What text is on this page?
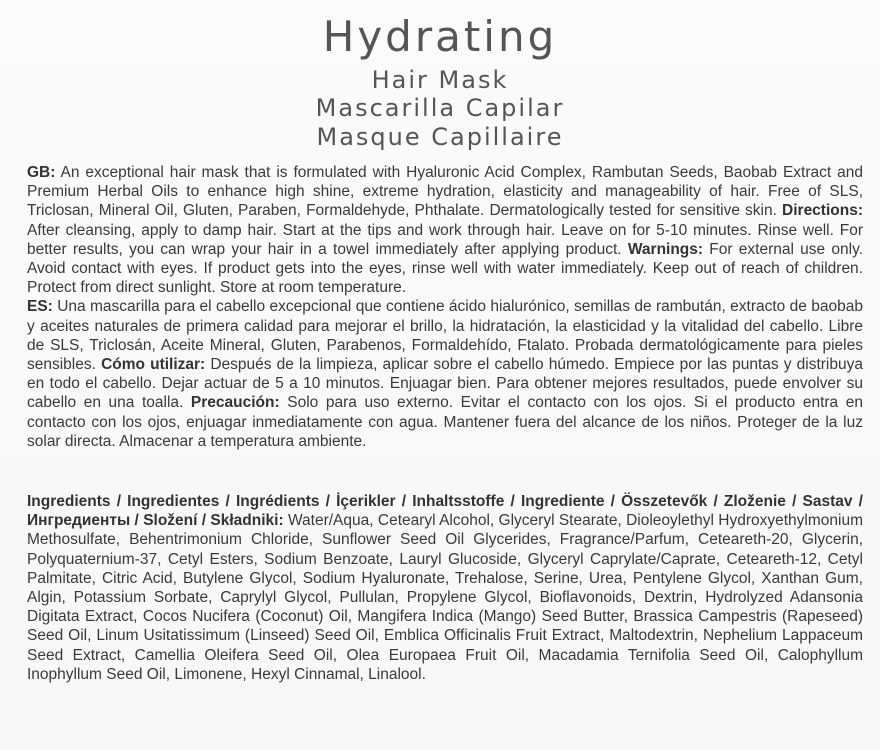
Hydrating
Hair Mask
Mascarilla Capilar
Masque Capillaire
GB: An exceptional hair mask that is formulated with Hyaluronic Acid Complex, Rambutan Seeds, Baobab Extract and Premium Herbal Oils to enhance high shine, extreme hydration, elasticity and manageability of hair. Free of SLS, Triclosan, Mineral Oil, Gluten, Paraben, Formaldehyde, Phthalate. Dermatologically tested for sensitive skin. Directions: After cleansing, apply to damp hair. Start at the tips and work through hair. Leave on for 5-10 minutes. Rinse well. For better results, you can wrap your hair in a towel immediately after applying product. Warnings: For external use only. Avoid contact with eyes. If product gets into the eyes, rinse well with water immediately. Keep out of reach of children. Protect from direct sunlight. Store at room temperature.
ES: Una mascarilla para el cabello excepcional que contiene ácido hialurónico, semillas de rambután, extracto de baobab y aceites naturales de primera calidad para mejorar el brillo, la hidratación, la elasticidad y la vitalidad del cabello. Libre de SLS, Triclosán, Aceite Mineral, Gluten, Parabenos, Formaldehído, Ftalato. Probada dermatológicamente para pieles sensibles. Cómo utilizar: Después de la limpieza, aplicar sobre el cabello húmedo. Empiece por las puntas y distribuya en todo el cabello. Dejar actuar de 5 a 10 minutos. Enjuagar bien. Para obtener mejores resultados, puede envolver su cabello en una toalla. Precaución: Solo para uso externo. Evitar el contacto con los ojos. Si el producto entra en contacto con los ojos, enjuagar inmediatamente con agua. Mantener fuera del alcance de los niños. Proteger de la luz solar directa. Almacenar a temperatura ambiente.
Ingredients / Ingredientes / Ingrédients / İçerikler / Inhaltsstoffe / Ingrediente / Összetevők / Zloženie / Sastav / Ингредиенты / Složení / Składniki: Water/Aqua, Cetearyl Alcohol, Glyceryl Stearate, Dioleoylethyl Hydroxyethylmonium Methosulfate, Behentrimonium Chloride, Sunflower Seed Oil Glycerides, Fragrance/Parfum, Ceteareth-20, Glycerin, Polyquaternium-37, Cetyl Esters, Sodium Benzoate, Lauryl Glucoside, Glyceryl Caprylate/Caprate, Ceteareth-12, Cetyl Palmitate, Citric Acid, Butylene Glycol, Sodium Hyaluronate, Trehalose, Serine, Urea, Pentylene Glycol, Xanthan Gum, Algin, Potassium Sorbate, Caprylyl Glycol, Pullulan, Propylene Glycol, Bioflavonoids, Dextrin, Hydrolyzed Adansonia Digitata Extract, Cocos Nucifera (Coconut) Oil, Mangifera Indica (Mango) Seed Butter, Brassica Campestris (Rapeseed) Seed Oil, Linum Usitatissimum (Linseed) Seed Oil, Emblica Officinalis Fruit Extract, Maltodextrin, Nephelium Lappaceum Seed Extract, Camellia Oleifera Seed Oil, Olea Europaea Fruit Oil, Macadamia Ternifolia Seed Oil, Calophyllum Inophyllum Seed Oil, Limonene, Hexyl Cinnamal, Linalool.
